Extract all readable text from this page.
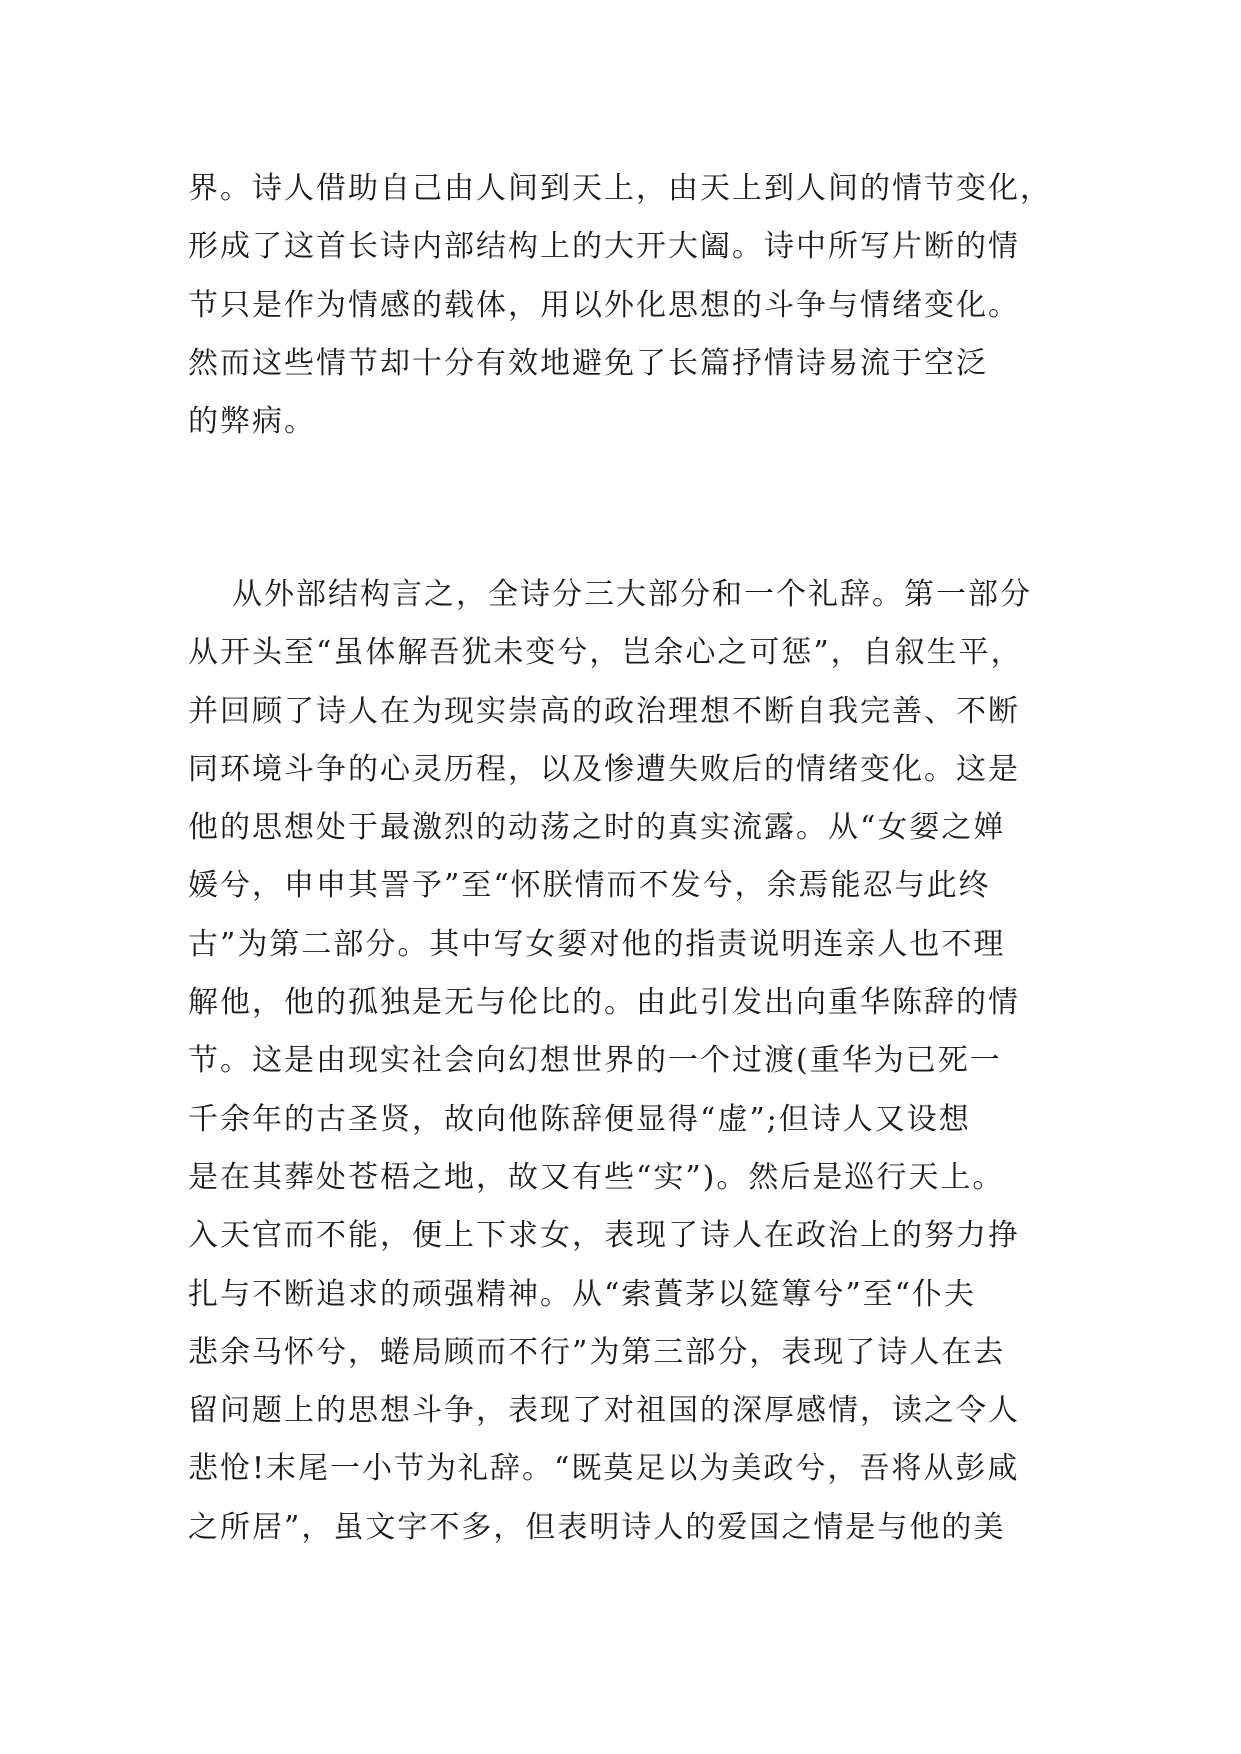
界。诗人借助自己由人间到天上，由天上到人间的情节变化，
形成了这首长诗内部结构上的大开大阖。诗中所写片断的情
节只是作为情感的载体，用以外化思想的斗争与情绪变化。
然而这些情节却十分有效地避免了长篇抒情诗易流于空泛
的弊病。
从外部结构言之，全诗分三大部分和一个礼辞。第一部分
从开头至“虽体解吾犹未变兮，岂余心之可惩”，自叙生平，
并回顾了诗人在为现实崇高的政治理想不断自我完善、不断
同环境斗争的心灵历程，以及惨遭失败后的情绪变化。这是
他的思想处于最激烈的动荡之时的真实流露。从“女媭之婵
媛兮，申申其詈予”至“怀朕情而不发兮，余焉能忍与此终
古”为第二部分。其中写女媭对他的指责说明连亲人也不理
解他，他的孤独是无与伦比的。由此引发出向重华陈辞的情
节。这是由现实社会向幻想世界的一个过渡(重华为已死一
千余年的古圣贤，故向他陈辞便显得“虚”;但诗人又设想
是在其葬处苍梧之地，故又有些“实”)。然后是巡行天上。
入天官而不能，便上下求女，表现了诗人在政治上的努力挣
扎与不断追求的顽强精神。从“索蕢茅以筵篿兮”至“仆夫
悲余马怀兮，蜷局顾而不行”为第三部分，表现了诗人在去
留问题上的思想斗争，表现了对祖国的深厚感情，读之令人
悲怆!末尾一小节为礼辞。“既莫足以为美政兮，吾将从彭咸
之所居”，虽文字不多，但表明诗人的爱国之情是与他的美
